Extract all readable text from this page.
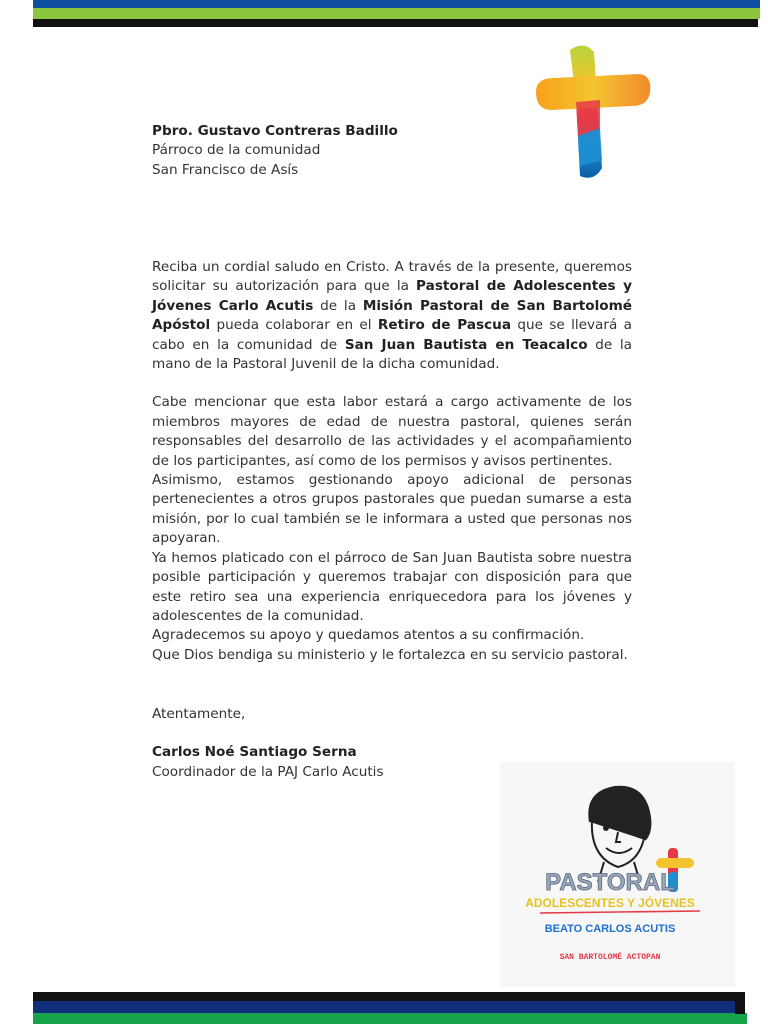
Pbro. Gustavo Contreras Badillo
Párroco de la comunidad
San Francisco de Asís

Reciba un cordial saludo en Cristo. A través de la presente, queremos solicitar su autorización para que la Pastoral de Adolescentes y Jóvenes Carlo Acutis de la Misión Pastoral de San Bartolomé Apóstol pueda colaborar en el Retiro de Pascua que se llevará a cabo en la comunidad de San Juan Bautista en Teacalco de la mano de la Pastoral Juvenil de la dicha comunidad.

Cabe mencionar que esta labor estará a cargo activamente de los miembros mayores de edad de nuestra pastoral, quienes serán responsables del desarrollo de las actividades y el acompañamiento de los participantes, así como de los permisos y avisos pertinentes.

Asimismo, estamos gestionando apoyo adicional de personas pertenecientes a otros grupos pastorales que puedan sumarse a esta misión, por lo cual también se le informara a usted que personas nos apoyaran.

Ya hemos platicado con el párroco de San Juan Bautista sobre nuestra posible participación y queremos trabajar con disposición para que este retiro sea una experiencia enriquecedora para los jóvenes y adolescentes de la comunidad.

Agradecemos su apoyo y quedamos atentos a su confirmación.

Que Dios bendiga su ministerio y le fortalezca en su servicio pastoral.

Atentamente,
Carlos Noé Santiago Serna
Coordinador de la PAJ Carlo Acutis
PASTORAL
ADOLESCENTES Y JÓVENES
BEATO CARLOS ACUTIS
SAN BARTOLOMÉ ACTOPAN
